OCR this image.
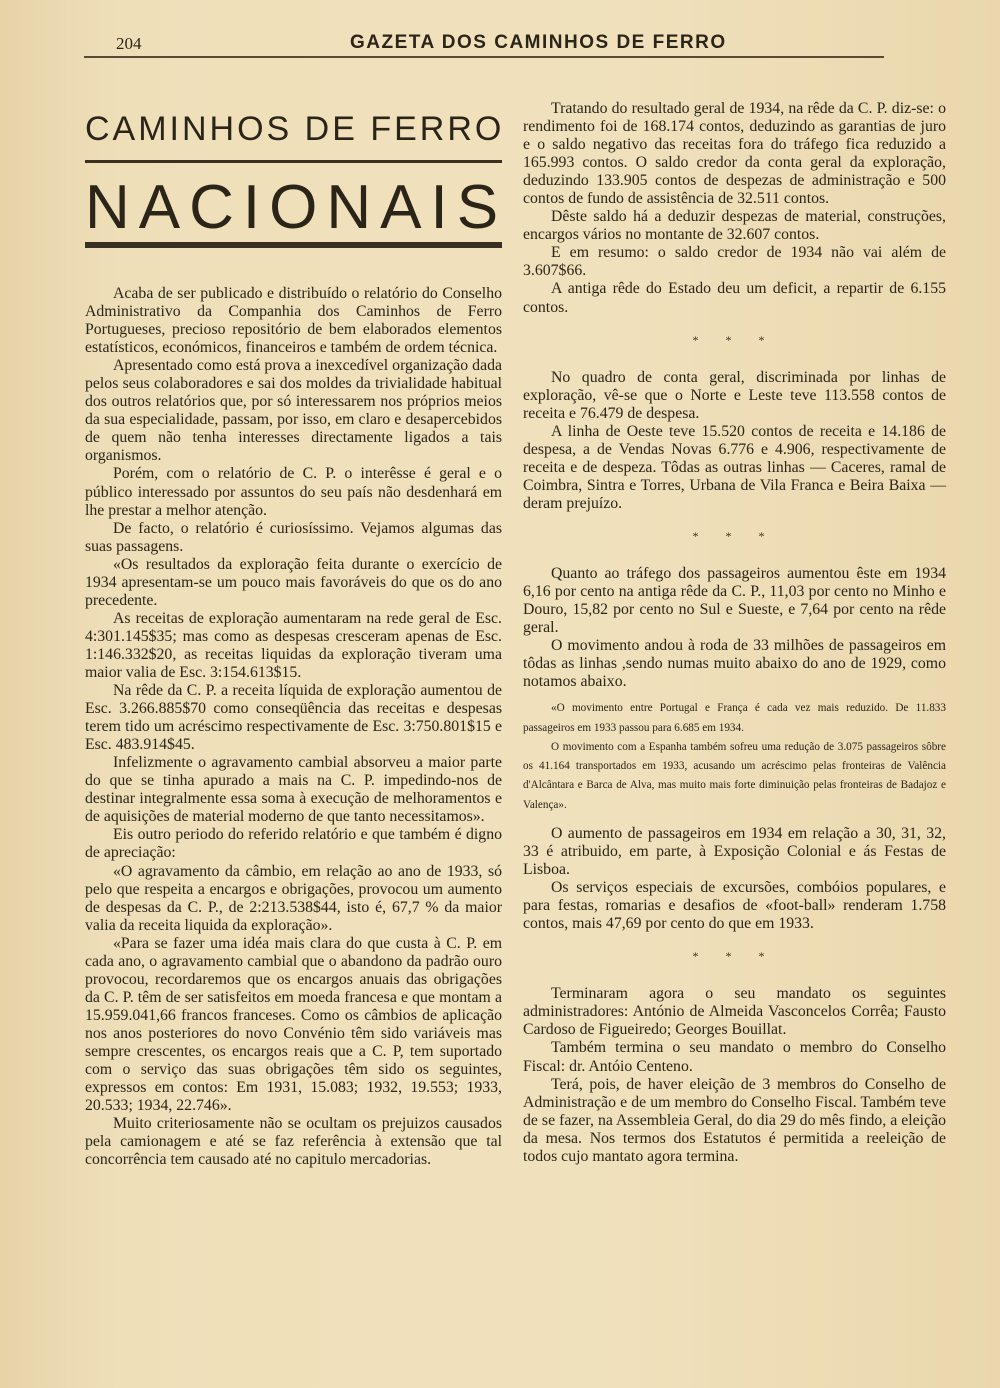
204	GAZETA DOS CAMINHOS DE FERRO
CAMINHOS DE FERRO
NACIONAIS

Acaba de ser publicado e distribuído o relatório do Conselho Administrativo da Companhia dos Caminhos de Ferro Portugueses, precioso repositório de bem elaborados elementos estatísticos, económicos, financeiros e também de ordem técnica.

Apresentado como está prova a inexcedível organização dada pelos seus colaboradores e sai dos moldes da trivialidade habitual dos outros relatórios que, por só interessarem nos próprios meios da sua especialidade, passam, por isso, em claro e desapercebidos de quem não tenha interesses directamente ligados a tais organismos.

Porém, com o relatório de C. P. o interêsse é geral e o público interessado por assuntos do seu país não desdenhará em lhe prestar a melhor atenção.

De facto, o relatório é curiosíssimo. Vejamos algumas das suas passagens.

«Os resultados da exploração feita durante o exercício de 1934 apresentam-se um pouco mais favoráveis do que os do ano precedente.

As receitas de exploração aumentaram na rede geral de Esc. 4:301.145$35; mas como as despesas cresceram apenas de Esc. 1:146.332$20, as receitas liquidas da exploração tiveram uma maior valia de Esc. 3:154.613$15.

Na rêde da C. P. a receita líquida de exploração aumentou de Esc. 3.266.885$70 como conseqüência das receitas e despesas terem tido um acréscimo respectivamente de Esc. 3:750.801$15 e Esc. 483.914$45.

Infelizmente o agravamento cambial absorveu a maior parte do que se tinha apurado a mais na C. P. impedindo-nos de destinar integralmente essa soma à execução de melhoramentos e de aquisições de material moderno de que tanto necessitamos».

Eis outro periodo do referido relatório e que também é digno de apreciação:

«O agravamento da câmbio, em relação ao ano de 1933, só pelo que respeita a encargos e obrigações, provocou um aumento de despesas da C. P., de 2:213.538$44, isto é, 67,7 % da maior valia da receita liquida da exploração».

«Para se fazer uma idéa mais clara do que custa à C. P. em cada ano, o agravamento cambial que o abandono da padrão ouro provocou, recordaremos que os encargos anuais das obrigações da C. P. têm de ser satisfeitos em moeda francesa e que montam a 15.959.041,66 francos franceses. Como os câmbios de aplicação nos anos posteriores do novo Convénio têm sido variáveis mas sempre crescentes, os encargos reais que a C. P, tem suportado com o serviço das suas obrigações têm sido os seguintes, expressos em contos: Em 1931, 15.083; 1932, 19.553; 1933, 20.533; 1934, 22.746».

Muito criteriosamente não se ocultam os prejuizos causados pela camionagem e até se faz referência à extensão que tal concorrência tem causado até no capitulo mercadorias.

Tratando do resultado geral de 1934, na rêde da C. P. diz-se: o rendimento foi de 168.174 contos, deduzindo as garantias de juro e o saldo negativo das receitas fora do tráfego fica reduzido a 165.993 contos. O saldo credor da conta geral da exploração, deduzindo 133.905 contos de despezas de administração e 500 contos de fundo de assistência de 32.511 contos.

Dêste saldo há a deduzir despezas de material, construções, encargos vários no montante de 32.607 contos.

E em resumo: o saldo credor de 1934 não vai além de 3.607$66.

A antiga rêde do Estado deu um deficit, a repartir de 6.155 contos.

* * *

No quadro de conta geral, discriminada por linhas de exploração, vê-se que o Norte e Leste teve 113.558 contos de receita e 76.479 de despesa.

A linha de Oeste teve 15.520 contos de receita e 14.186 de despesa, a de Vendas Novas 6.776 e 4.906, respectivamente de receita e de despeza. Tôdas as outras linhas — Caceres, ramal de Coimbra, Sintra e Torres, Urbana de Vila Franca e Beira Baixa — deram prejuízo.

* * *

Quanto ao tráfego dos passageiros aumentou êste em 1934 6,16 por cento na antiga rêde da C. P., 11,03 por cento no Minho e Douro, 15,82 por cento no Sul e Sueste, e 7,64 por cento na rêde geral.

O movimento andou à roda de 33 milhões de passageiros em tôdas as linhas ,sendo numas muito abaixo do ano de 1929, como notamos abaixo.

«O movimento entre Portugal e França é cada vez mais reduzido. De 11.833 passageiros em 1933 passou para 6.685 em 1934.

O movimento com a Espanha também sofreu uma redução de 3.075 passageiros sôbre os 41.164 transportados em 1933, acusando um acréscimo pelas fronteiras de Valência d'Alcântara e Barca de Alva, mas muito mais forte diminuição pelas fronteiras de Badajoz e Valença».

O aumento de passageiros em 1934 em relação a 30, 31, 32, 33 é atribuido, em parte, à Exposição Colonial e ás Festas de Lisboa.

Os serviços especiais de excursões, combóios populares, e para festas, romarias e desafios de «foot-ball» renderam 1.758 contos, mais 47,69 por cento do que em 1933.

* * *

Terminaram agora o seu mandato os seguintes administradores: António de Almeida Vasconcelos Corrêa; Fausto Cardoso de Figueiredo; Georges Bouillat.

Também termina o seu mandato o membro do Conselho Fiscal: dr. Antóio Centeno.

Terá, pois, de haver eleição de 3 membros do Conselho de Administração e de um membro do Conselho Fiscal. Também teve de se fazer, na Assembleia Geral, do dia 29 do mês findo, a eleição da mesa. Nos termos dos Estatutos é permitida a reeleição de todos cujo mantato agora termina.
